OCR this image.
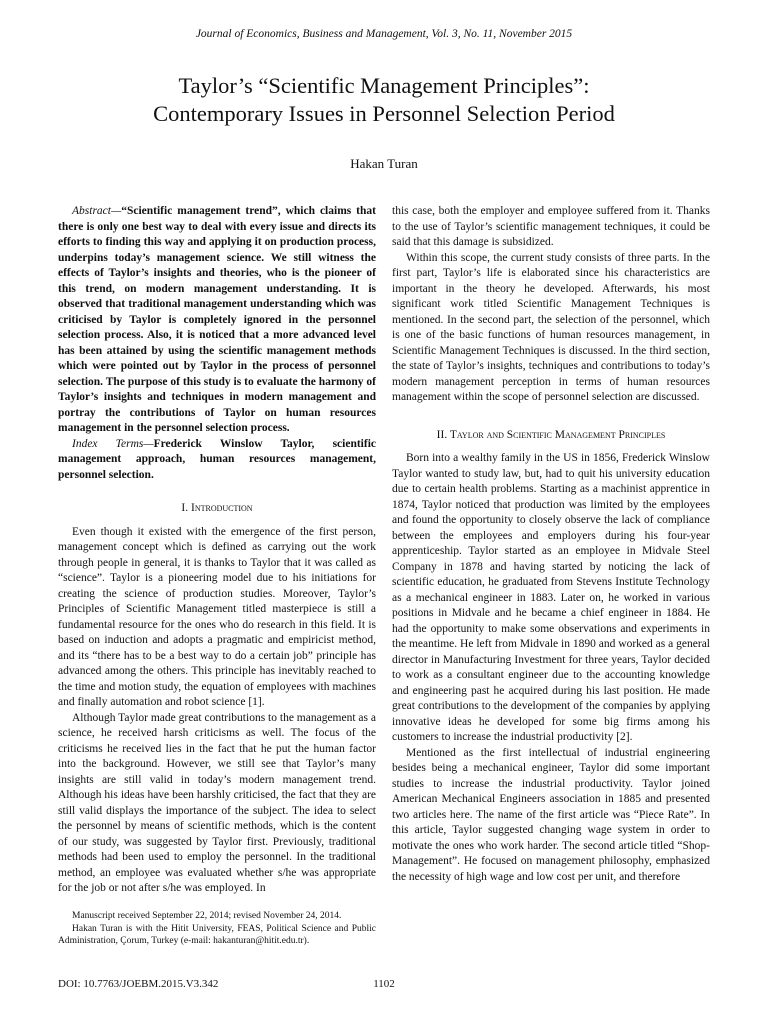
Journal of Economics, Business and Management, Vol. 3, No. 11, November 2015
Taylor’s “Scientific Management Principles”:
Contemporary Issues in Personnel Selection Period
Hakan Turan

Abstract—“Scientific management trend”, which claims that there is only one best way to deal with every issue and directs its efforts to finding this way and applying it on production process, underpins today’s management science. We still witness the effects of Taylor’s insights and theories, who is the pioneer of this trend, on modern management understanding. It is observed that traditional management understanding which was criticised by Taylor is completely ignored in the personnel selection process. Also, it is noticed that a more advanced level has been attained by using the scientific management methods which were pointed out by Taylor in the process of personnel selection. The purpose of this study is to evaluate the harmony of Taylor’s insights and techniques in modern management and portray the contributions of Taylor on human resources management in the personnel selection process.

Index Terms—Frederick Winslow Taylor, scientific management approach, human resources management, personnel selection.

I. Introduction

Even though it existed with the emergence of the first person, management concept which is defined as carrying out the work through people in general, it is thanks to Taylor that it was called as “science”. Taylor is a pioneering model due to his initiations for creating the science of production studies. Moreover, Taylor’s Principles of Scientific Management titled masterpiece is still a fundamental resource for the ones who do research in this field. It is based on induction and adopts a pragmatic and empiricist method, and its “there has to be a best way to do a certain job” principle has advanced among the others. This principle has inevitably reached to the time and motion study, the equation of employees with machines and finally automation and robot science [1].

Although Taylor made great contributions to the management as a science, he received harsh criticisms as well. The focus of the criticisms he received lies in the fact that he put the human factor into the background. However, we still see that Taylor’s many insights are still valid in today’s modern management trend. Although his ideas have been harshly criticised, the fact that they are still valid displays the importance of the subject. The idea to select the personnel by means of scientific methods, which is the content of our study, was suggested by Taylor first. Previously, traditional methods had been used to employ the personnel. In the traditional method, an employee was evaluated whether s/he was appropriate for the job or not after s/he was employed. In

this case, both the employer and employee suffered from it. Thanks to the use of Taylor’s scientific management techniques, it could be said that this damage is subsidized.

Within this scope, the current study consists of three parts. In the first part, Taylor’s life is elaborated since his characteristics are important in the theory he developed. Afterwards, his most significant work titled Scientific Management Techniques is mentioned. In the second part, the selection of the personnel, which is one of the basic functions of human resources management, in Scientific Management Techniques is discussed. In the third section, the state of Taylor’s insights, techniques and contributions to today’s modern management perception in terms of human resources management within the scope of personnel selection are discussed.

II. Taylor and Scientific Management Principles

Born into a wealthy family in the US in 1856, Frederick Winslow Taylor wanted to study law, but, had to quit his university education due to certain health problems. Starting as a machinist apprentice in 1874, Taylor noticed that production was limited by the employees and found the opportunity to closely observe the lack of compliance between the employees and employers during his four-year apprenticeship. Taylor started as an employee in Midvale Steel Company in 1878 and having started by noticing the lack of scientific education, he graduated from Stevens Institute Technology as a mechanical engineer in 1883. Later on, he worked in various positions in Midvale and he became a chief engineer in 1884. He had the opportunity to make some observations and experiments in the meantime. He left from Midvale in 1890 and worked as a general director in Manufacturing Investment for three years, Taylor decided to work as a consultant engineer due to the accounting knowledge and engineering past he acquired during his last position. He made great contributions to the development of the companies by applying innovative ideas he developed for some big firms among his customers to increase the industrial productivity [2].

Mentioned as the first intellectual of industrial engineering besides being a mechanical engineer, Taylor did some important studies to increase the industrial productivity. Taylor joined American Mechanical Engineers association in 1885 and presented two articles here. The name of the first article was “Piece Rate”. In this article, Taylor suggested changing wage system in order to motivate the ones who work harder. The second article titled “Shop-Management”. He focused on management philosophy, emphasized the necessity of high wage and low cost per unit, and therefore

Manuscript received September 22, 2014; revised November 24, 2014.

Hakan Turan is with the Hitit University, FEAS, Political Science and Public Administration, Çorum, Turkey (e-mail: hakanturan@hitit.edu.tr).

DOI: 10.7763/JOEBM.2015.V3.342	1102
